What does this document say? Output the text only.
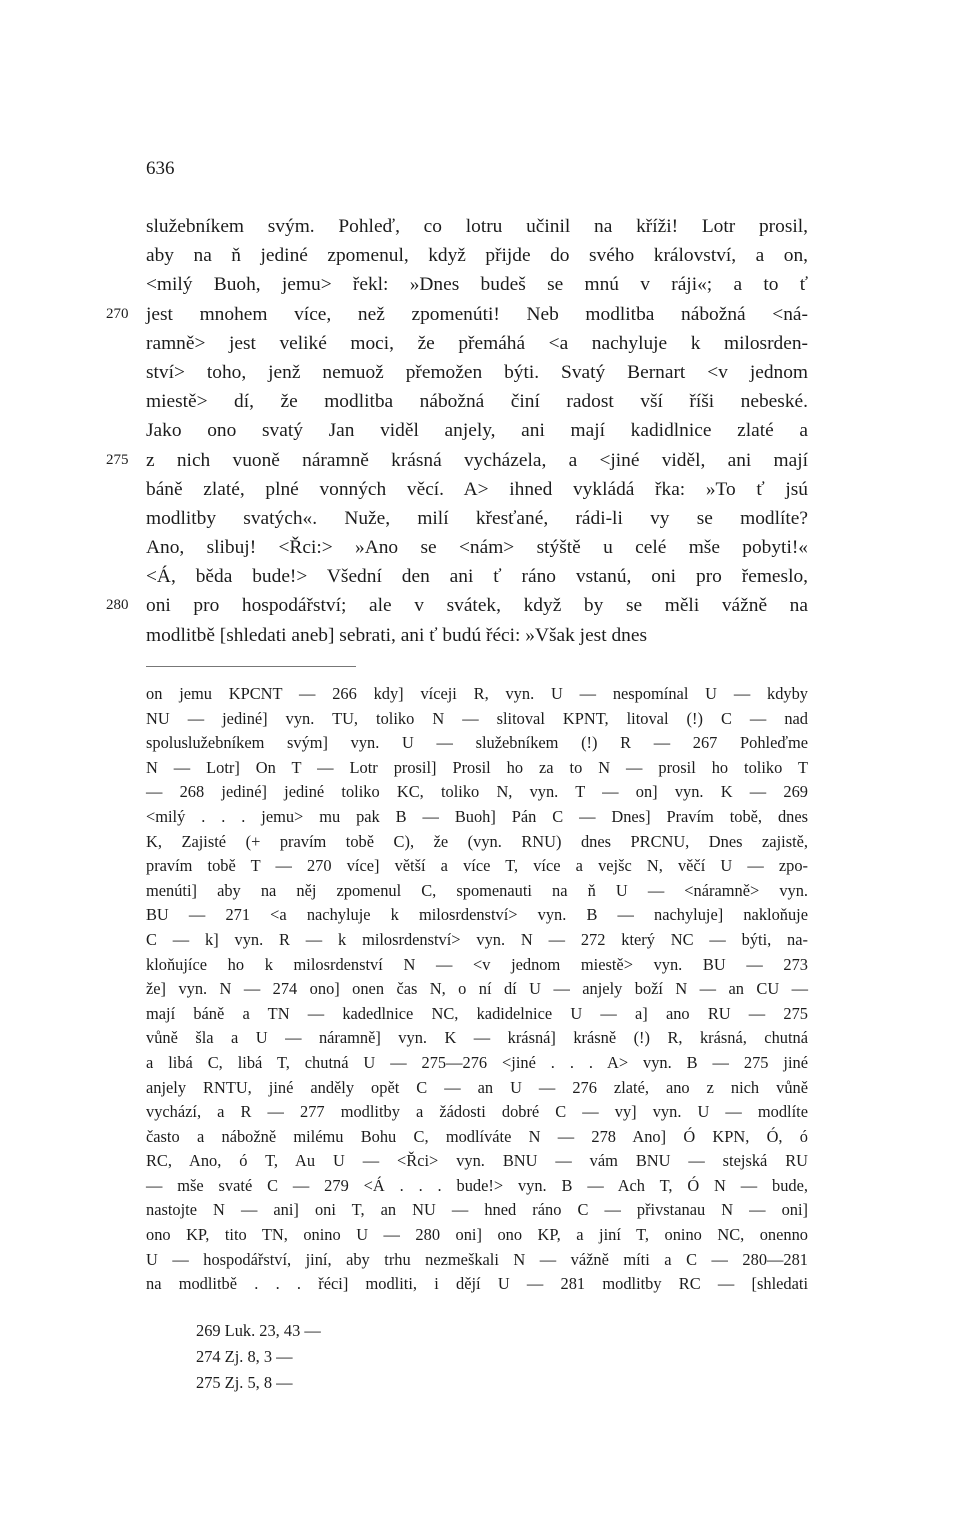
636
služebníkem svým. Pohleď, co lotru učinil na kříži! Lotr prosil,
aby na ň jediné zpomenul, když přijde do svého království, a on,
<milý Buoh, jemu> řekl: »Dnes budeš se mnú v ráji«; a to ť
270 jest mnohem více, než zpomenúti! Neb modlitba nábožná <ná-
ramně> jest veliké moci, že přemáhá <a nachyluje k milosrden-
ství> toho, jenž nemuož přemožen býti. Svatý Bernart <v jednom
miestě> dí, že modlitba nábožná činí radost vší říši nebeské.
Jako ono svatý Jan viděl anjely, ani mají kadidlnice zlaté a
275 z nich vuoně náramně krásná vycházela, a <jiné viděl, ani mají
báně zlaté, plné vonných věcí. A> ihned vykládá řka: »To ť jsú
modlitby svatých«. Nuže, milí křesťané, rádi-li vy se modlíte?
Ano, slibuj! <Řci:> »Ano se <nám> stýště u celé mše pobyti!«
<Á, běda bude!> Všední den ani ť ráno vstanú, oni pro řemeslo,
280 oni pro hospodářství; ale v svátek, když by se měli vážně na
modlitbě [shledati aneb] sebrati, ani ť budú řéci: »Však jest dnes
on jemu KPCNT — 266 kdy] víceji R, vyn. U — nespomínal U — kdyby
NU — jediné] vyn. TU, toliko N — slitoval KPNT, litoval (!) C — nad
spoluslužebníkem svým] vyn. U — služebníkem (!) R — 267 Pohleďme
N — Lotr] On T — Lotr prosil] Prosil ho za to N — prosil ho toliko T
— 268 jediné] jediné toliko KC, toliko N, vyn. T — on] vyn. K — 269
<milý . . . jemu> mu pak B — Buoh] Pán C — Dnes] Pravím tobě, dnes
K, Zajisté (+ pravím tobě C), že (vyn. RNU) dnes PRCNU, Dnes zajistě,
pravím tobě T — 270 více] větší a více T, více a vejšc N, věčí U — zpo-
menúti] aby na něj zpomenul C, spomenauti na ň U — <náramně> vyn.
BU — 271 <a nachyluje k milosrdenství> vyn. B — nachyluje] nakloňuje
C — k] vyn. R — k milosrdenství> vyn. N — 272 který NC — býti, na-
kloňujíce ho k milosrdenství N — <v jednom miestě> vyn. BU — 273
že] vyn. N — 274 ono] onen čas N, o ní dí U — anjely boží N — an CU —
mají báně a TN — kadedlnice NC, kadidelnice U — a] ano RU — 275
vůně šla a U — náramně] vyn. K — krásná] krásně (!) R, krásná, chutná
a libá C, libá T, chutná U — 275—276 <jiné . . . A> vyn. B — 275 jiné
anjely RNTU, jiné anděly opět C — an U — 276 zlaté, ano z nich vůně
vychází, a R — 277 modlitby a žádosti dobré C — vy] vyn. U — modlíte
často a nábožně milému Bohu C, modlíváte N — 278 Ano] Ó KPN, Ó, ó
RC, Ano, ó T, Au U — <Řci> vyn. BNU — vám BNU — stejská RU
— mše svaté C — 279 <Á . . . bude!> vyn. B — Ach T, Ó N — bude,
nastojte N — ani] oni T, an NU — hned ráno C — přivstanau N — oni]
ono KP, tito TN, onino U — 280 oni] ono KP, a jiní T, onino NC, onenno
U — hospodářství, jiní, aby trhu nezmeškali N — vážně míti a C — 280—281
na modlitbě . . . řéci] modliti, i dějí U — 281 modlitby RC — [shledati
269 Luk. 23, 43 —
274 Zj. 8, 3 —
275 Zj. 5, 8 —
